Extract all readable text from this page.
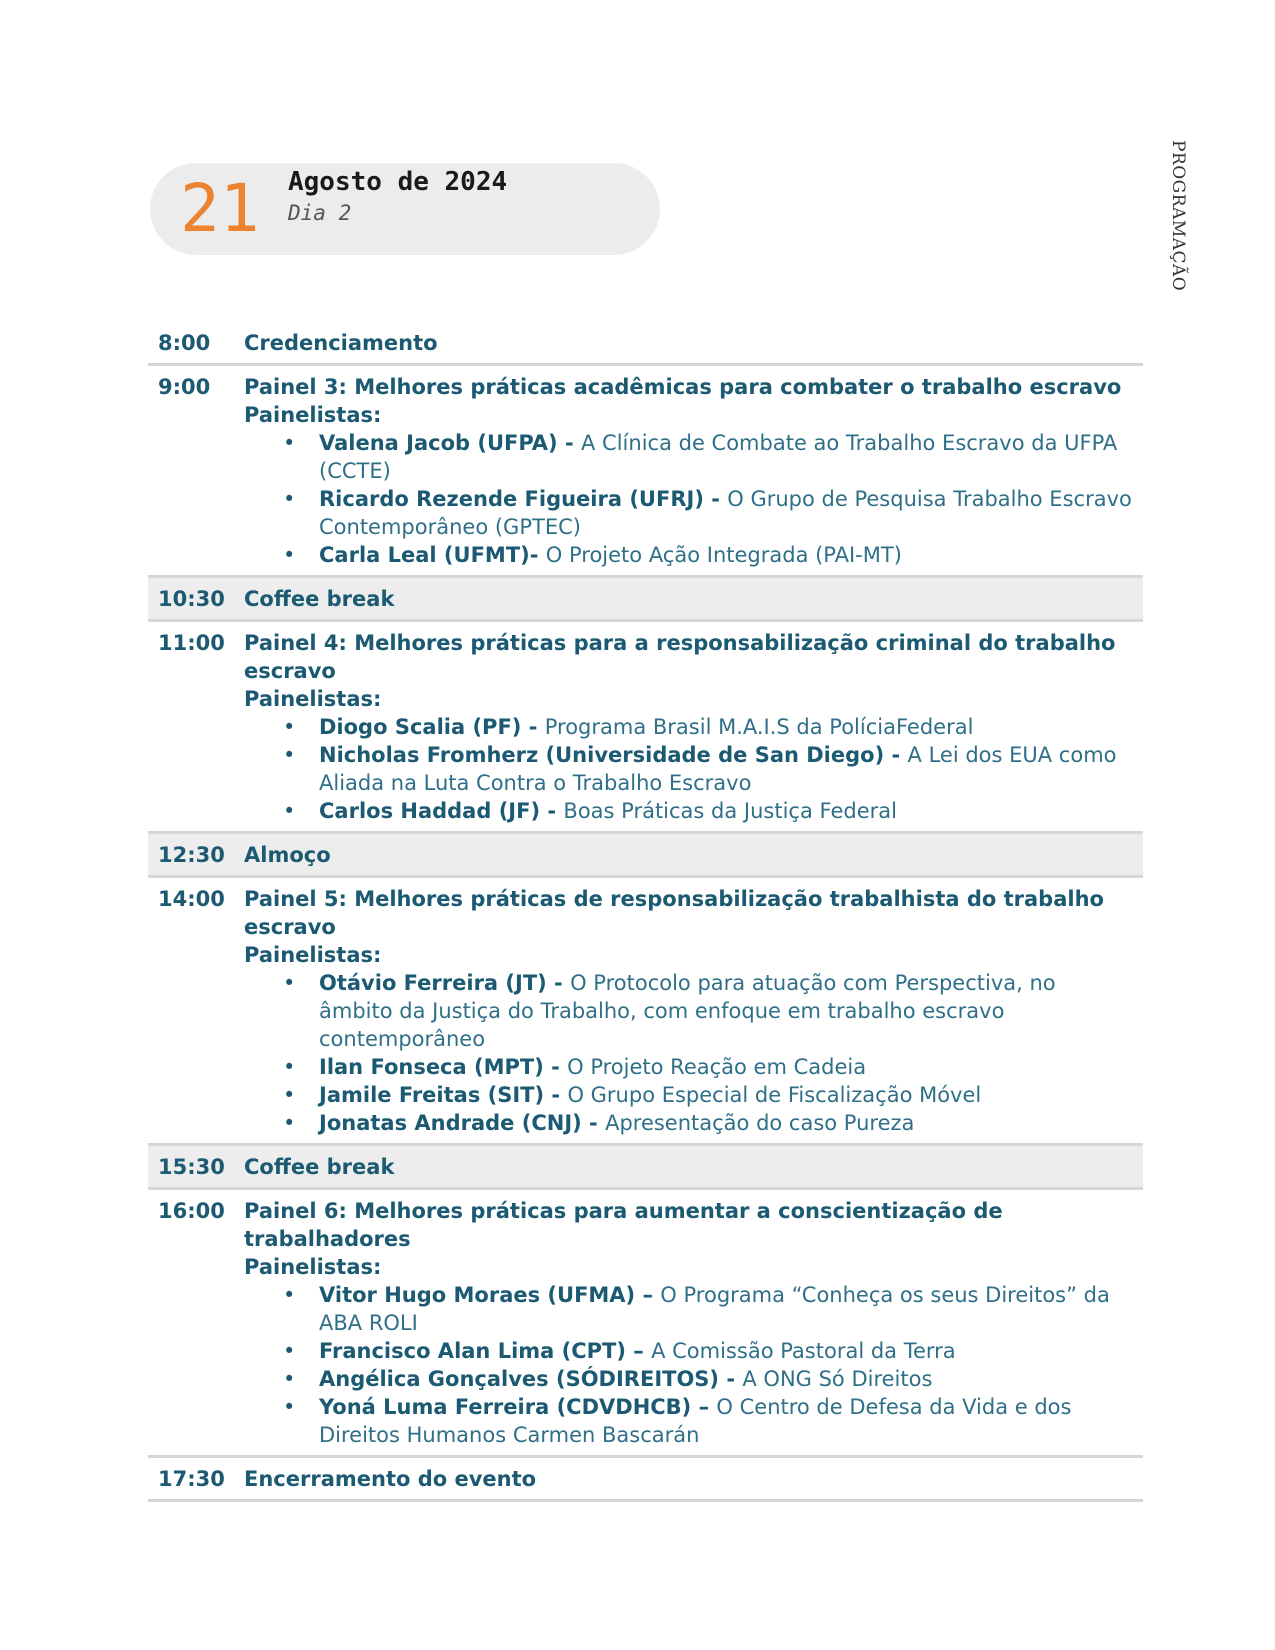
PROGRAMAÇÃO
21 Agosto de 2024
Dia 2
8:00	Credenciamento
9:00	Painel 3: Melhores práticas acadêmicas para combater o trabalho escravo
Painelistas:
• Valena Jacob (UFPA) - A Clínica de Combate ao Trabalho Escravo da UFPA (CCTE)
• Ricardo Rezende Figueira (UFRJ) - O Grupo de Pesquisa Trabalho Escravo Contemporâneo (GPTEC)
• Carla Leal (UFMT)- O Projeto Ação Integrada (PAI-MT)
10:30 Coffee break
11:00 Painel 4: Melhores práticas para a responsabilização criminal do trabalho escravo
Painelistas:
• Diogo Scalia (PF) - Programa Brasil M.A.I.S da PolíciaFederal
• Nicholas Fromherz (Universidade de San Diego) - A Lei dos EUA como Aliada na Luta Contra o Trabalho Escravo
• Carlos Haddad (JF) - Boas Práticas da Justiça Federal
12:30 Almoço
14:00 Painel 5: Melhores práticas de responsabilização trabalhista do trabalho escravo
Painelistas:
• Otávio Ferreira (JT) - O Protocolo para atuação com Perspectiva, no âmbito da Justiça do Trabalho, com enfoque em trabalho escravo contemporâneo
• Ilan Fonseca (MPT) - O Projeto Reação em Cadeia
• Jamile Freitas (SIT) - O Grupo Especial de Fiscalização Móvel
• Jonatas Andrade (CNJ) - Apresentação do caso Pureza
15:30 Coffee break
16:00 Painel 6: Melhores práticas para aumentar a conscientização de trabalhadores
Painelistas:
• Vitor Hugo Moraes (UFMA) – O Programa “Conheça os seus Direitos” da ABA ROLI
• Francisco Alan Lima (CPT) – A Comissão Pastoral da Terra
• Angélica Gonçalves (SÓDIREITOS) - A ONG Só Direitos
• Yoná Luma Ferreira (CDVDHCB) – O Centro de Defesa da Vida e dos Direitos Humanos Carmen Bascarán
17:30 Encerramento do evento
